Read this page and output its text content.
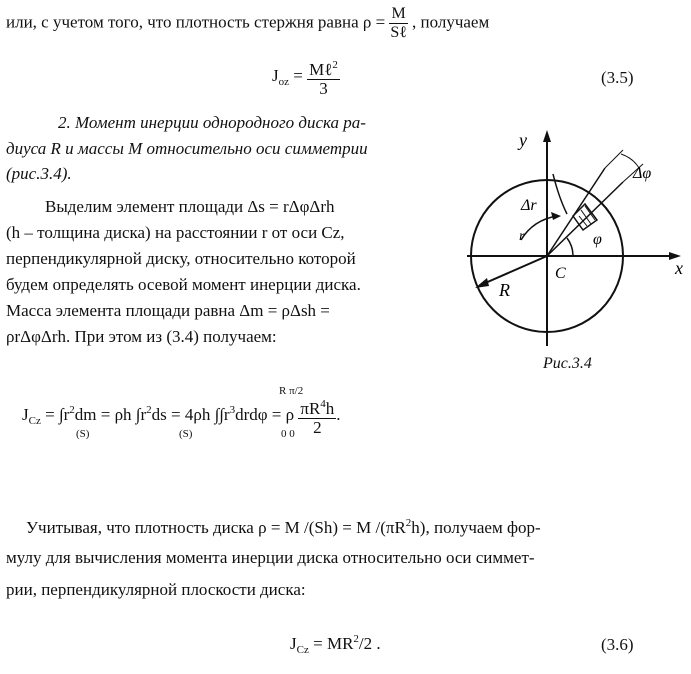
или, с учетом того, что плотность стержня равна $\rho = \frac{M}{\text{Sℓ}}$ , получаем
$J_{oz} = \frac{M\ell^2}{3}$	(3.5)
2. Момент инерции однородного диска ра-
диуса R и массы M относительно оси симметрии
(рис.3.4).
Выделим элемент площади Δs = rΔφΔrh
(h – толщина диска) на расстоянии r от оси Cz,
перпендикулярной диску, относительно которой
будем определять осевой момент инерции диска.
Масса элемента площади равна Δm = ρΔsh =
ρrΔφΔrh. При этом из (3.4) получаем:
$J_{Cz} = \int r^2dm = \rho h$ $\int r^2ds = 4\rho h$ $\int\int r^3drd\varphi = \rho \frac{\pi R^4h}{2}$ .
(S)	(S)
R π/2
0 0
y
x
C
R
r
Δr
Δφ
φ
Рис.3.4
Учитывая, что плотность диска ρ = M /(Sh) = M $/(\pi R^2h)$, получаем фор-
мулу для вычисления момента инерции диска относительно оси симмет-
рии, перпендикулярной плоскости диска:
$J_{Cz} = MR^2/2$ .	(3.6)
